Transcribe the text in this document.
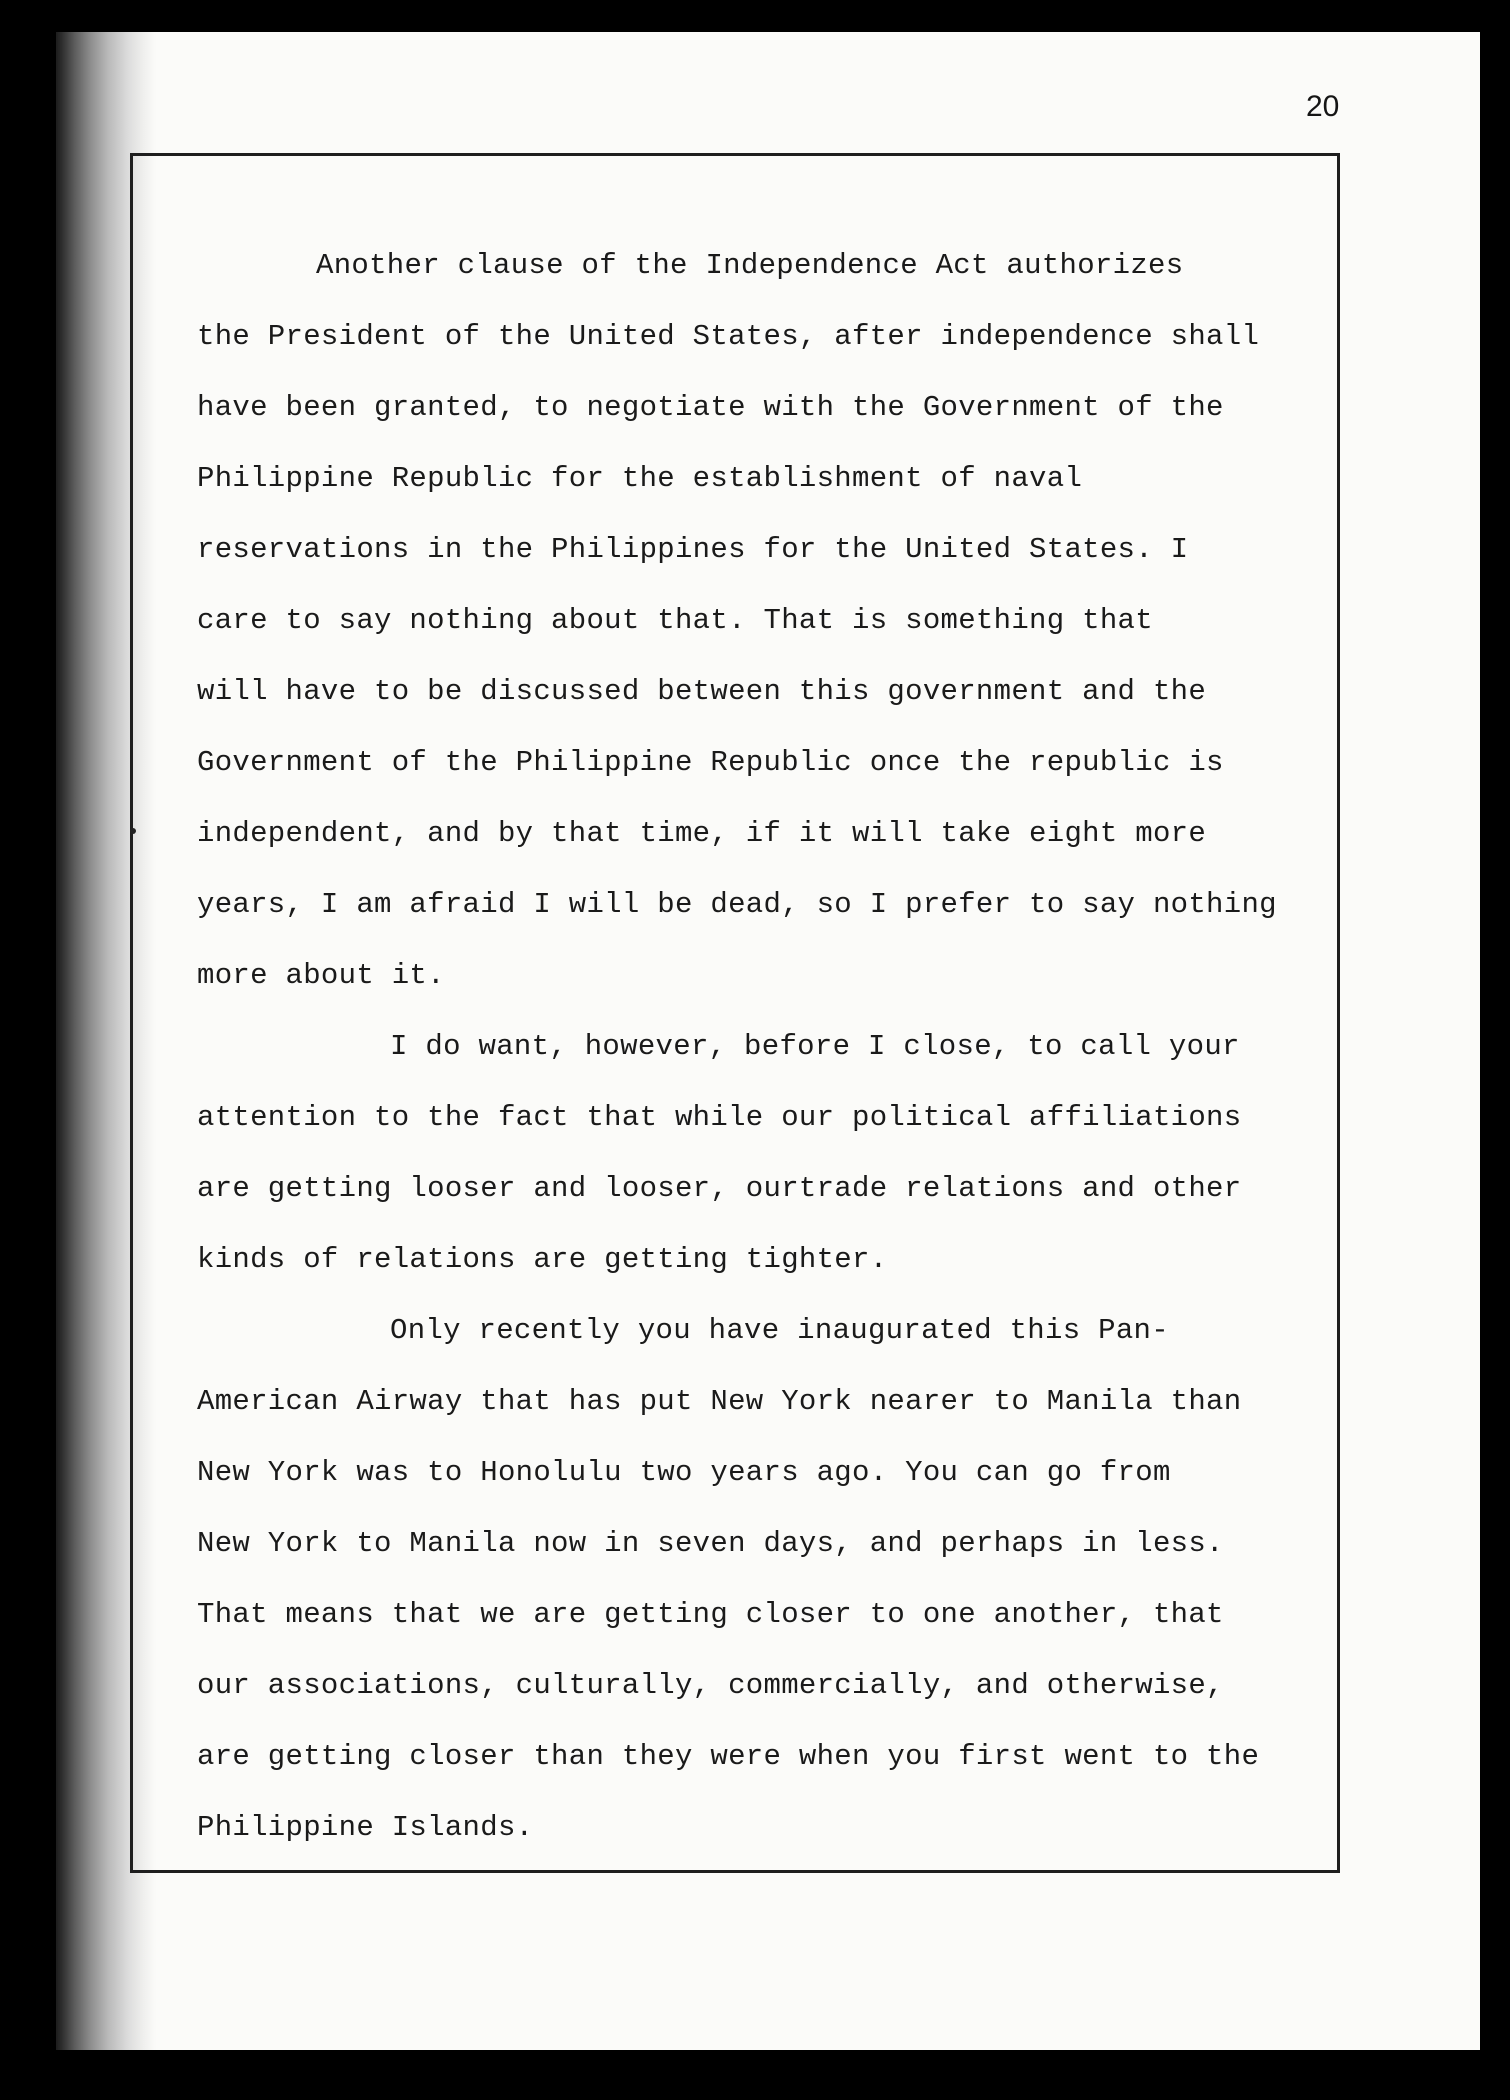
20
Another clause of the Independence Act authorizes
the President of the United States, after independence shall
have been granted, to negotiate with the Government of the
Philippine Republic for the establishment of naval
reservations in the Philippines for the United States. I
care to say nothing about that. That is something that
will have to be discussed between this government and the
Government of the Philippine Republic once the republic is
independent, and by that time, if it will take eight more
years, I am afraid I will be dead, so I prefer to say nothing
more about it.
I do want, however, before I close, to call your
attention to the fact that while our political affiliations
are getting looser and looser, ourtrade relations and other
kinds of relations are getting tighter.
Only recently you have inaugurated this Pan-
American Airway that has put New York nearer to Manila than
New York was to Honolulu two years ago. You can go from
New York to Manila now in seven days, and perhaps in less.
That means that we are getting closer to one another, that
our associations, culturally, commercially, and otherwise,
are getting closer than they were when you first went to the
Philippine Islands.
